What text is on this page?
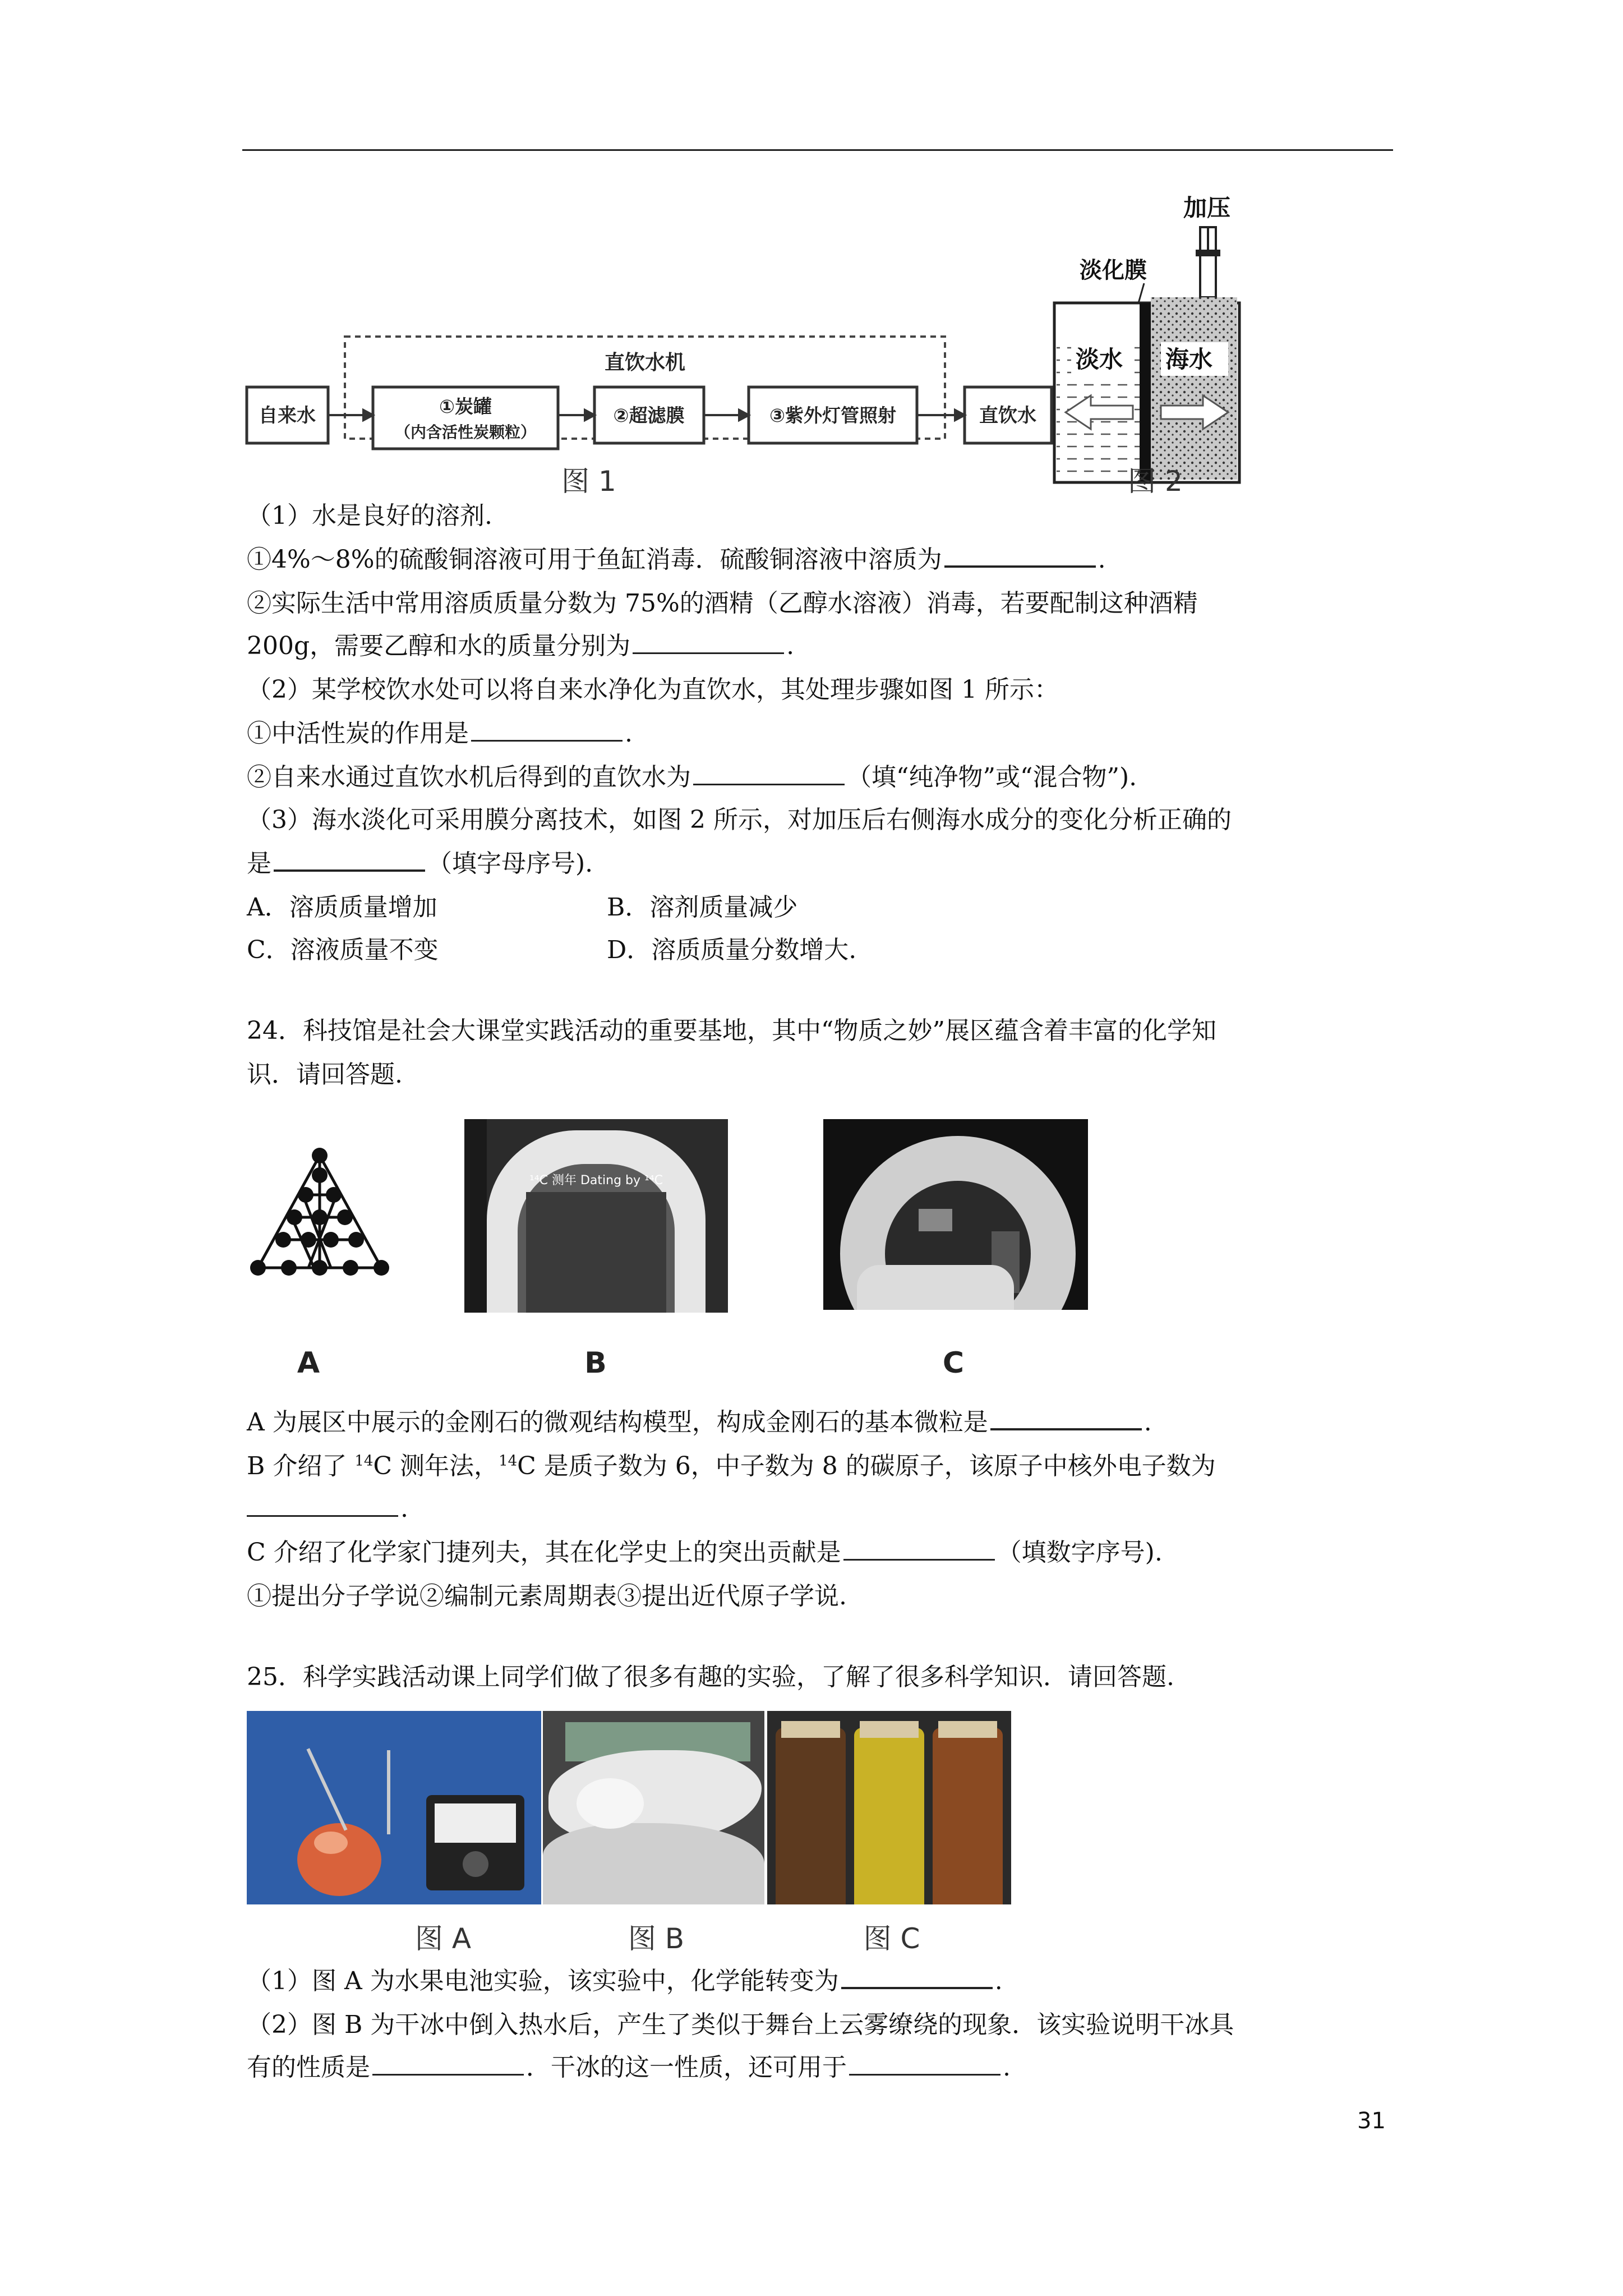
直饮水机
自来水	①炭罐
（内含活性炭颗粒）
②超滤膜	③紫外灯管照射	直饮水
图 1
加压
淡化膜
淡水 海水
图 2
（1）水是良好的溶剂.
①4%～8%的硫酸铜溶液可用于鱼缸消毒．硫酸铜溶液中溶质为	.
②实际生活中常用溶质质量分数为 75%的酒精（乙醇水溶液）消毒，若要配制这种酒精
200g，需要乙醇和水的质量分别为	.
（2）某学校饮水处可以将自来水净化为直饮水，其处理步骤如图 1 所示：
①中活性炭的作用是	.
②自来水通过直饮水机后得到的直饮水为	（填“纯净物”或“混合物”).
（3）海水淡化可采用膜分离技术，如图 2 所示，对加压后右侧海水成分的变化分析正确的
是	（填字母序号).
A．溶质质量增加	B．溶剂质量减少
C．溶液质量不变	D．溶质质量分数增大.
24．科技馆是社会大课堂实践活动的重要基地，其中“物质之妙”展区蕴含着丰富的化学知
识．请回答题.
¹⁴C 测年 Dating by ¹⁴C
A	B	C
A 为展区中展示的金刚石的微观结构模型，构成金刚石的基本微粒是	.
B 介绍了 $^{14}$C 测年法，$^{14}$C 是质子数为 6，中子数为 8 的碳原子，该原子中核外电子数为
.
C 介绍了化学家门捷列夫，其在化学史上的突出贡献是	（填数字序号).
①提出分子学说②编制元素周期表③提出近代原子学说.
25．科学实践活动课上同学们做了很多有趣的实验，了解了很多科学知识．请回答题.
图 A	图 B	图 C
（1）图 A 为水果电池实验，该实验中，化学能转变为	.
（2）图 B 为干冰中倒入热水后，产生了类似于舞台上云雾缭绕的现象．该实验说明干冰具
有的性质是	．干冰的这一性质，还可用于	.
31
